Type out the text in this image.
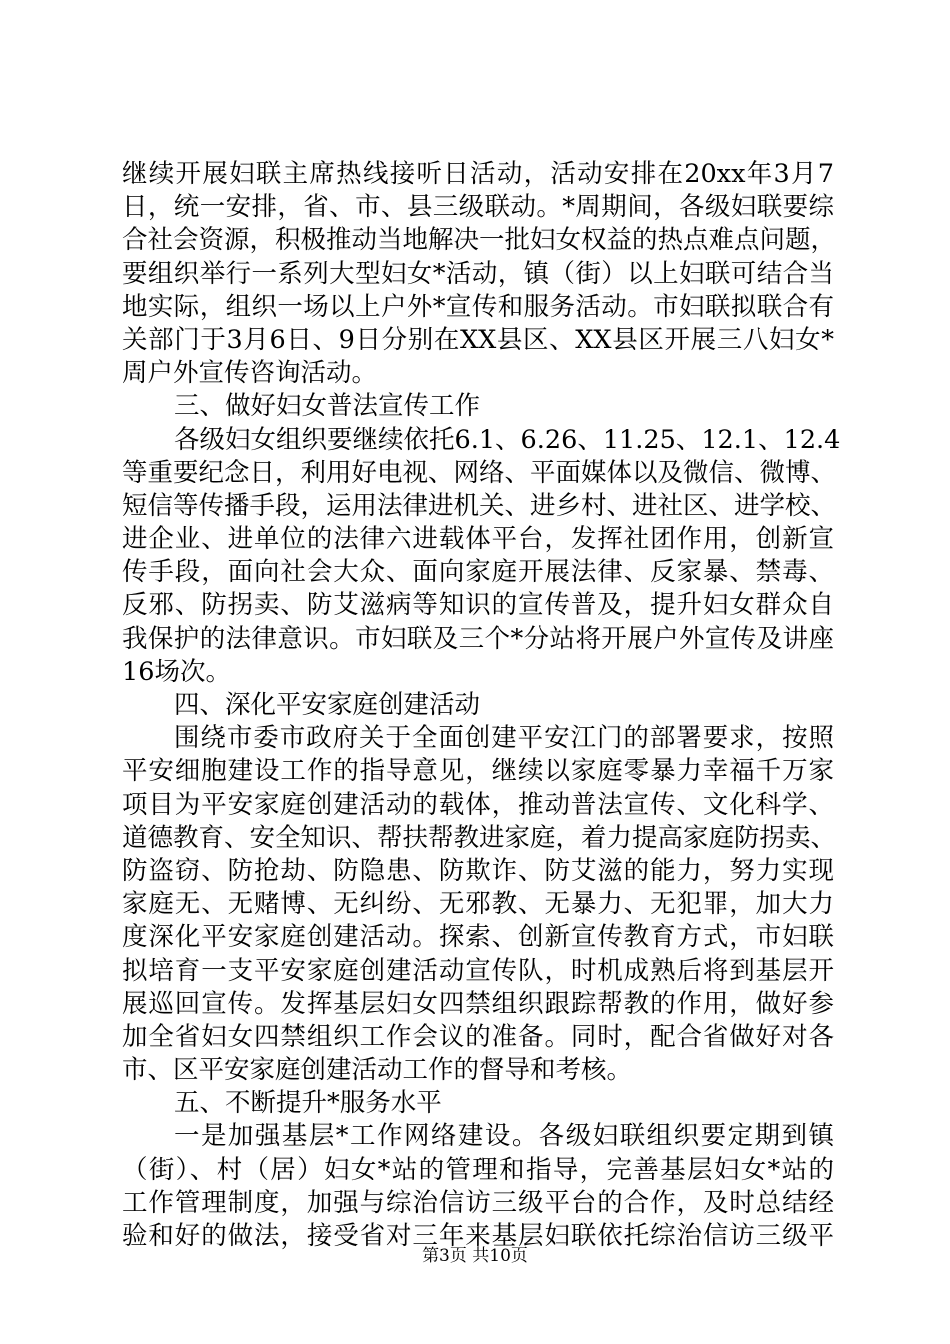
继续开展妇联主席热线接听日活动，活动安排在20xx年3月7
日，统一安排，省、市、县三级联动。*周期间，各级妇联要综
合社会资源，积极推动当地解决一批妇女权益的热点难点问题，
要组织举行一系列大型妇女*活动，镇（街）以上妇联可结合当
地实际，组织一场以上户外*宣传和服务活动。市妇联拟联合有
关部门于3月6日、9日分别在XX县区、XX县区开展三八妇女*
周户外宣传咨询活动。
三、做好妇女普法宣传工作
各级妇女组织要继续依托6.1、6.26、11.25、12.1、12.4
等重要纪念日，利用好电视、网络、平面媒体以及微信、微博、
短信等传播手段，运用法律进机关、进乡村、进社区、进学校、
进企业、进单位的法律六进载体平台，发挥社团作用，创新宣
传手段，面向社会大众、面向家庭开展法律、反家暴、禁毒、
反邪、防拐卖、防艾滋病等知识的宣传普及，提升妇女群众自
我保护的法律意识。市妇联及三个*分站将开展户外宣传及讲座
16场次。
四、深化平安家庭创建活动
围绕市委市政府关于全面创建平安江门的部署要求，按照
平安细胞建设工作的指导意见，继续以家庭零暴力幸福千万家
项目为平安家庭创建活动的载体，推动普法宣传、文化科学、
道德教育、安全知识、帮扶帮教进家庭，着力提高家庭防拐卖、
防盗窃、防抢劫、防隐患、防欺诈、防艾滋的能力，努力实现
家庭无、无赌博、无纠纷、无邪教、无暴力、无犯罪，加大力
度深化平安家庭创建活动。探索、创新宣传教育方式，市妇联
拟培育一支平安家庭创建活动宣传队，时机成熟后将到基层开
展巡回宣传。发挥基层妇女四禁组织跟踪帮教的作用，做好参
加全省妇女四禁组织工作会议的准备。同时，配合省做好对各
市、区平安家庭创建活动工作的督导和考核。
五、不断提升*服务水平
一是加强基层*工作网络建设。各级妇联组织要定期到镇
（街）、村（居）妇女*站的管理和指导，完善基层妇女*站的
工作管理制度，加强与综治信访三级平台的合作，及时总结经
验和好的做法，接受省对三年来基层妇联依托综治信访三级平
第3页 共10页
